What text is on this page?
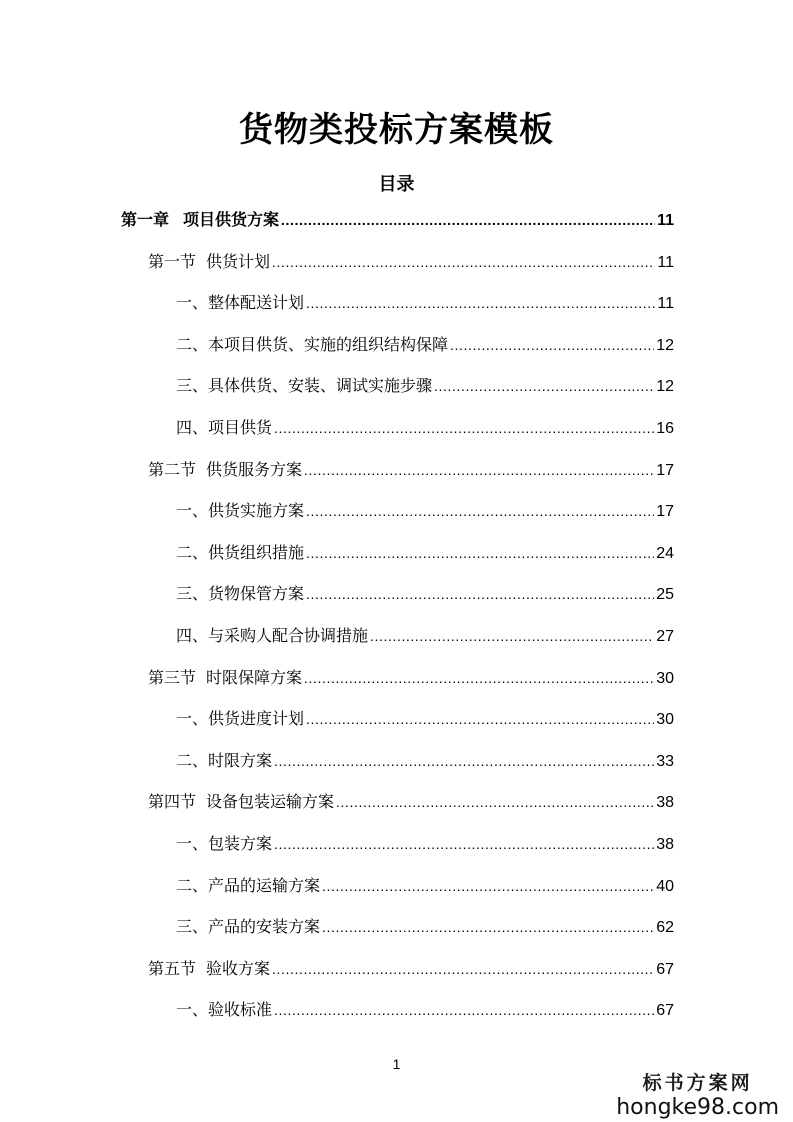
货物类投标方案模板
目录
第一章 项目供货方案 .....	11
第一节 供货计划 .....	11
一、整体配送计划 .....	11
二、本项目供货、实施的组织结构保障 .....	12
三、具体供货、安装、调试实施步骤 .....	12
四、项目供货 .....	16
第二节 供货服务方案 .....	17
一、供货实施方案 .....	17
二、供货组织措施 .....	24
三、货物保管方案 .....	25
四、与采购人配合协调措施 .....	27
第三节 时限保障方案 .....	30
一、供货进度计划 .....	30
二、时限方案 .....	33
第四节 设备包装运输方案 .....	38
一、包装方案 .....	38
二、产品的运输方案 .....	40
三、产品的安装方案 .....	62
第五节 验收方案 .....	67
一、验收标准 .....	67
1
标书方案网
hongke98.com
